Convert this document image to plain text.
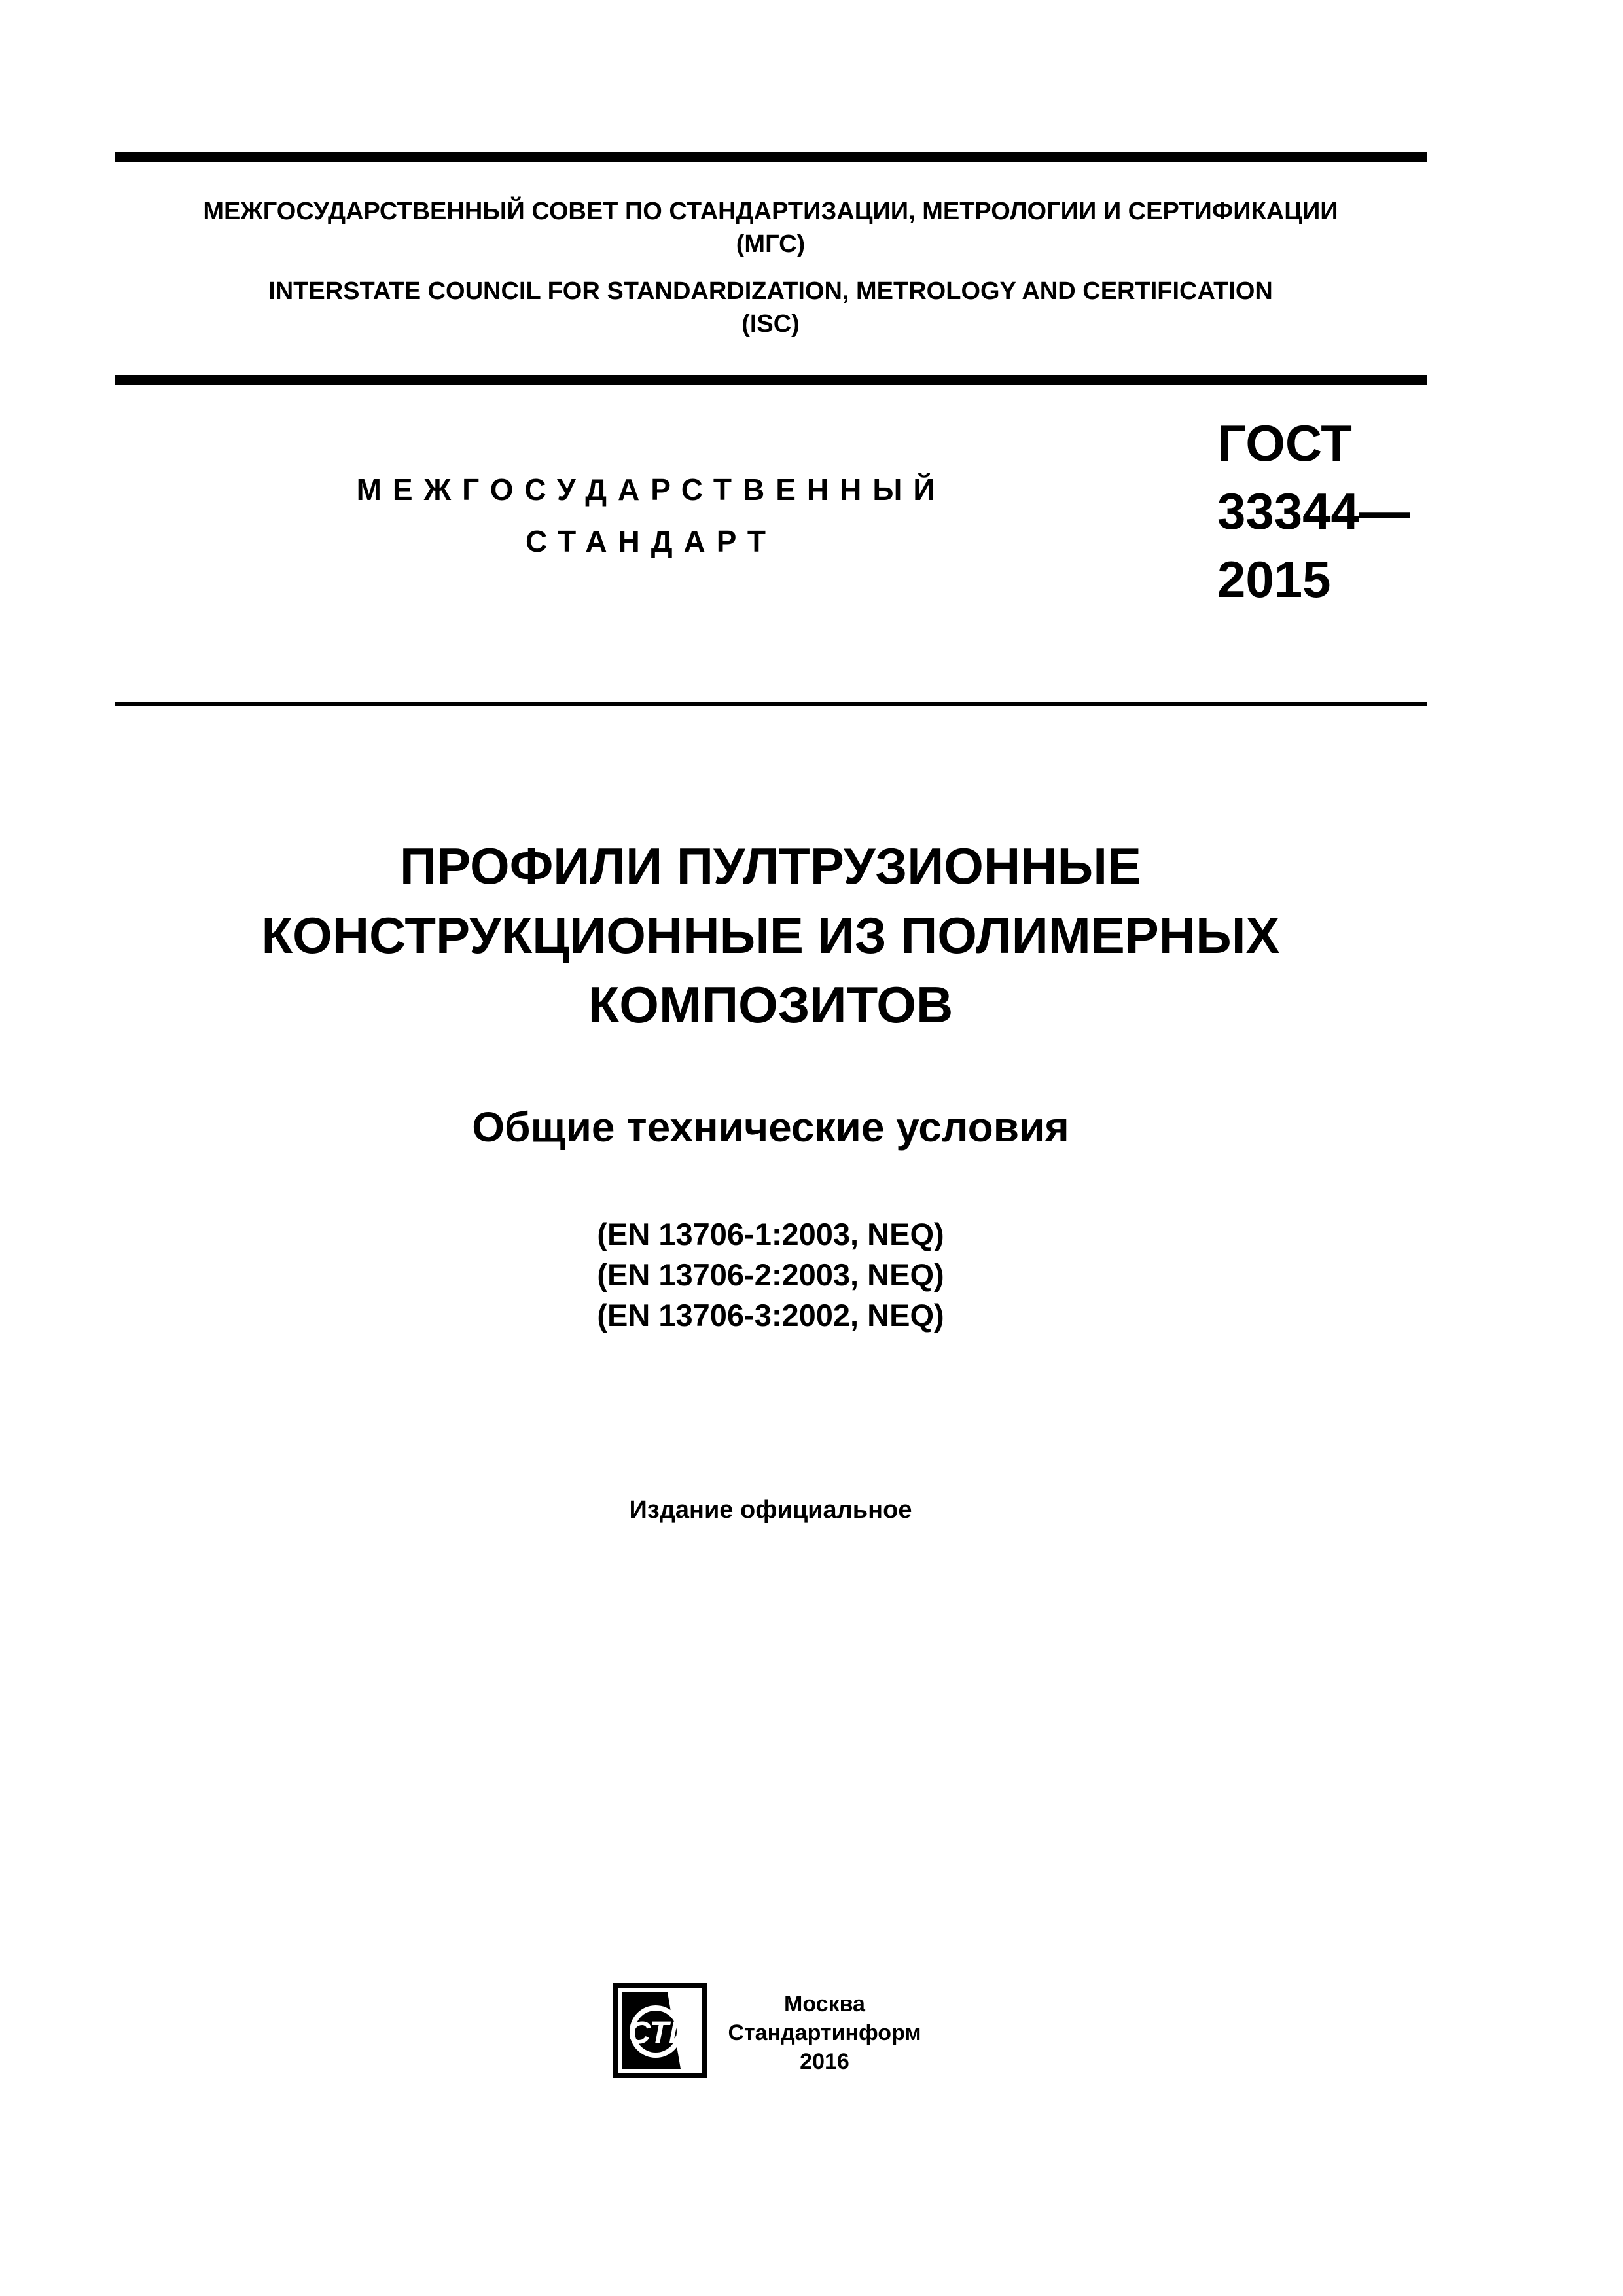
МЕЖГОСУДАРСТВЕННЫЙ СОВЕТ ПО СТАНДАРТИЗАЦИИ, МЕТРОЛОГИИ И СЕРТИФИКАЦИИ
(МГС)
INTERSTATE COUNCIL FOR STANDARDIZATION, METROLOGY AND CERTIFICATION
(ISC)
МЕЖГОСУДАРСТВЕННЫЙ
СТАНДАРТ
ГОСТ
33344—
2015
ПРОФИЛИ ПУЛТРУЗИОННЫЕ
КОНСТРУКЦИОННЫЕ ИЗ ПОЛИМЕРНЫХ
КОМПОЗИТОВ
Общие технические условия
(EN 13706-1:2003, NEQ)
(EN 13706-2:2003, NEQ)
(EN 13706-3:2002, NEQ)
Издание официальное
СТИ
Москва
Стандартинформ
2016
